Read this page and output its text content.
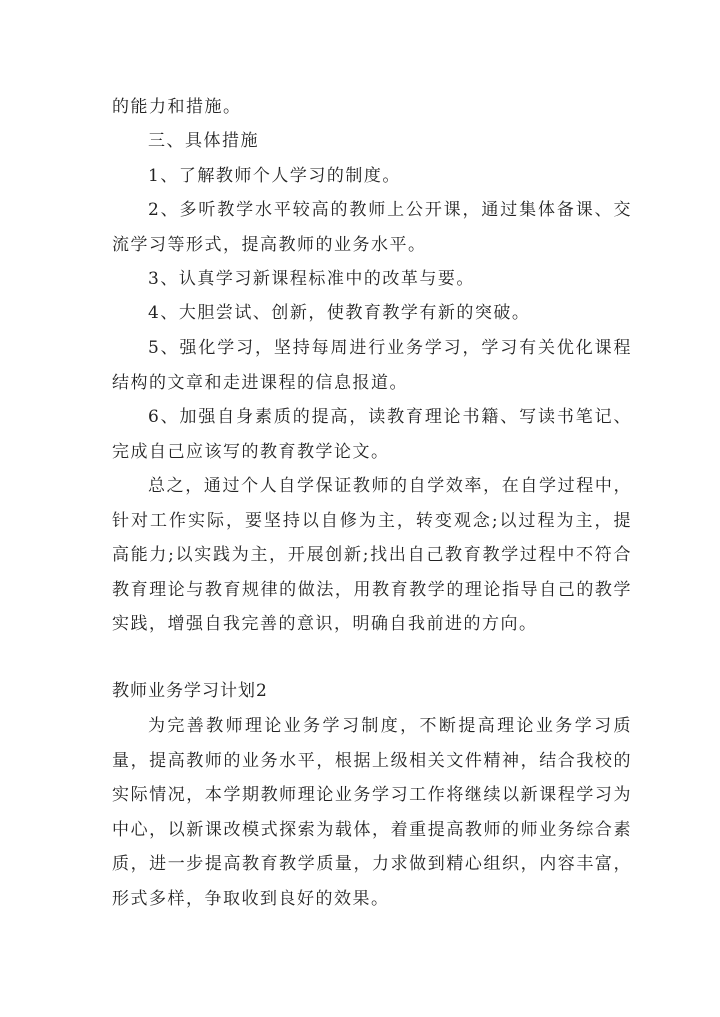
的能力和措施。

三、具体措施

1、了解教师个人学习的制度。

2、多听教学水平较高的教师上公开课，通过集体备课、交流学习等形式，提高教师的业务水平。

3、认真学习新课程标准中的改革与要。

4、大胆尝试、创新，使教育教学有新的突破。

5、强化学习，坚持每周进行业务学习，学习有关优化课程结构的文章和走进课程的信息报道。

6、加强自身素质的提高，读教育理论书籍、写读书笔记、完成自己应该写的教育教学论文。

总之，通过个人自学保证教师的自学效率，在自学过程中，针对工作实际，要坚持以自修为主，转变观念;以过程为主，提高能力;以实践为主，开展创新;找出自己教育教学过程中不符合教育理论与教育规律的做法，用教育教学的理论指导自己的教学实践，增强自我完善的意识，明确自我前进的方向。

教师业务学习计划2

为完善教师理论业务学习制度，不断提高理论业务学习质量，提高教师的业务水平，根据上级相关文件精神，结合我校的实际情况，本学期教师理论业务学习工作将继续以新课程学习为中心，以新课改模式探索为载体，着重提高教师的师业务综合素质，进一步提高教育教学质量，力求做到精心组织，内容丰富，形式多样，争取收到良好的效果。
